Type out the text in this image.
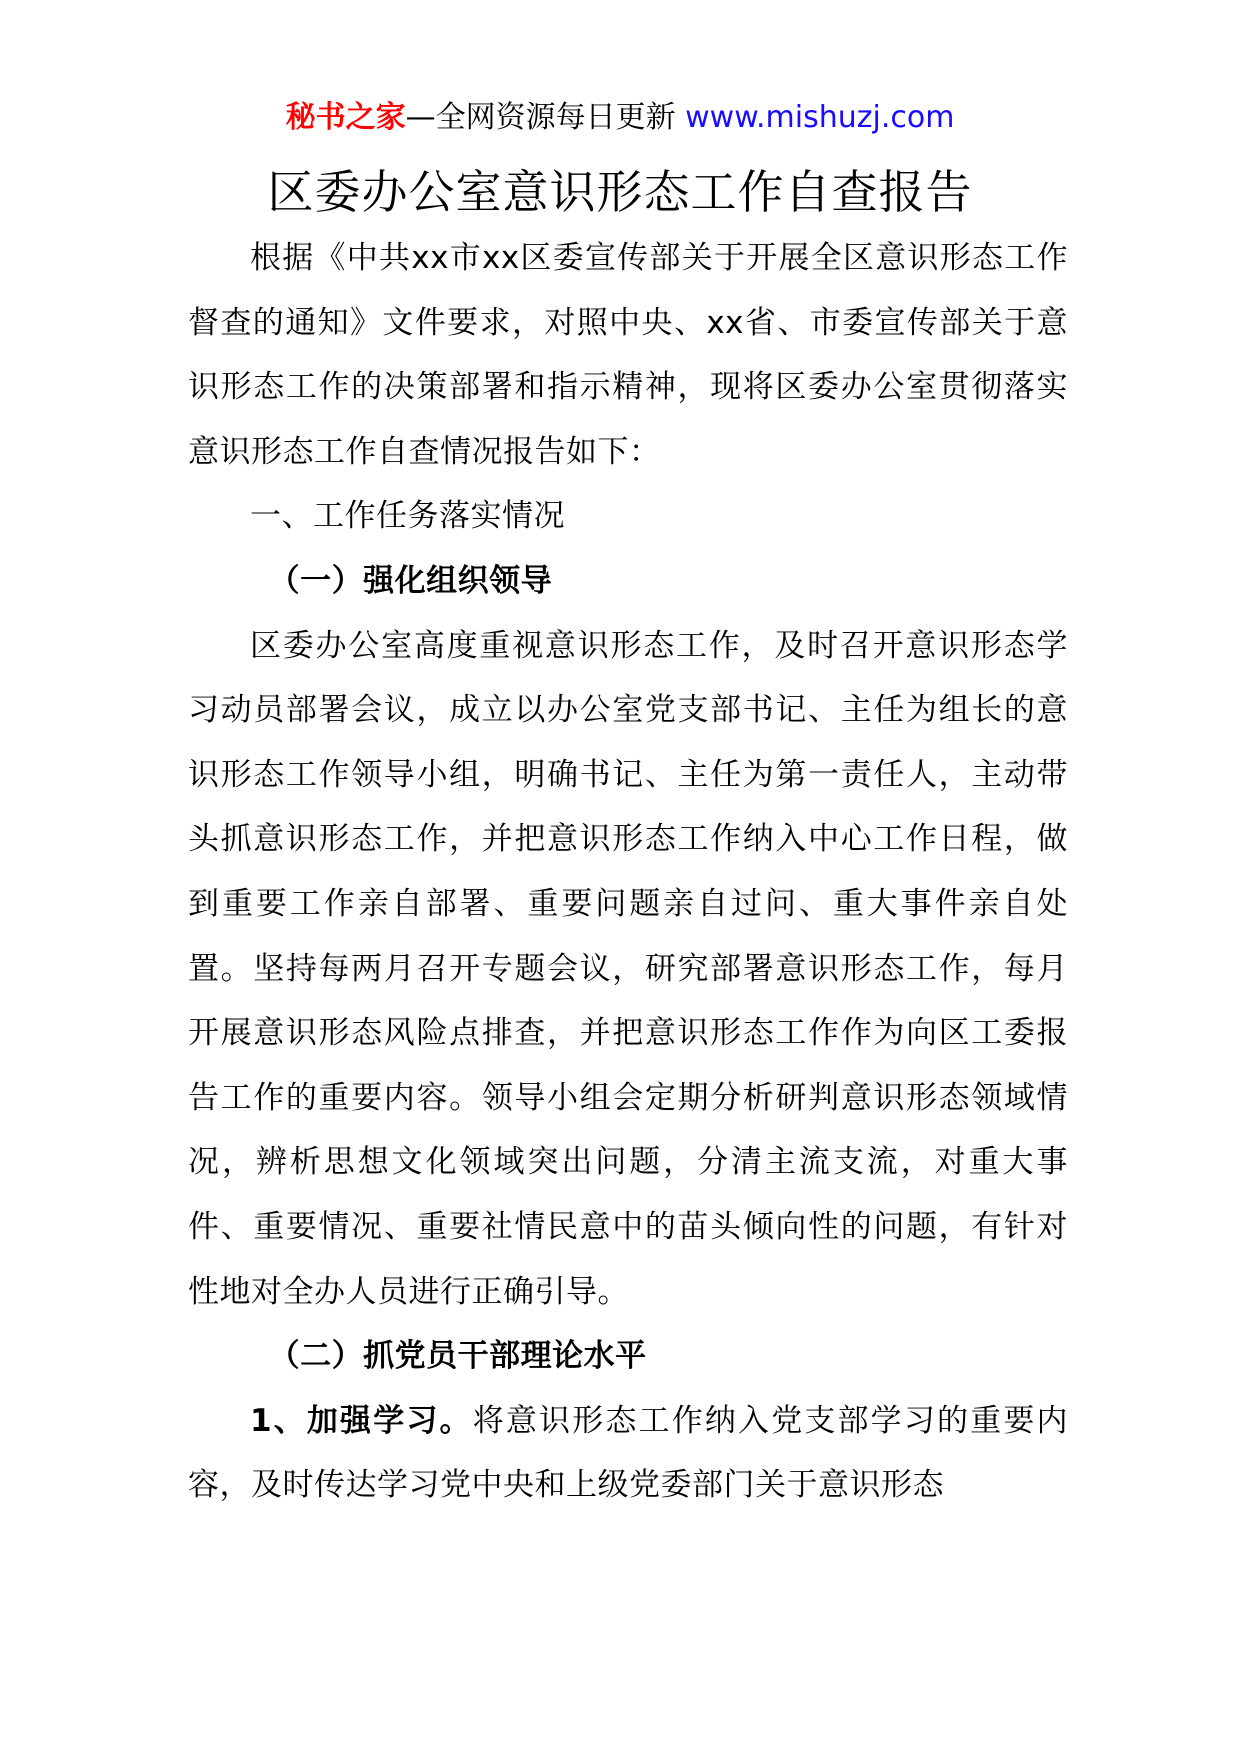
秘书之家—全网资源每日更新 www.mishuzj.com
区委办公室意识形态工作自查报告

根据《中共xx市xx区委宣传部关于开展全区意识形态工作督查的通知》文件要求，对照中央、xx省、市委宣传部关于意识形态工作的决策部署和指示精神，现将区委办公室贯彻落实意识形态工作自查情况报告如下：

一、工作任务落实情况

（一）强化组织领导

区委办公室高度重视意识形态工作，及时召开意识形态学习动员部署会议，成立以办公室党支部书记、主任为组长的意识形态工作领导小组，明确书记、主任为第一责任人，主动带头抓意识形态工作，并把意识形态工作纳入中心工作日程，做到重要工作亲自部署、重要问题亲自过问、重大事件亲自处置。坚持每两月召开专题会议，研究部署意识形态工作，每月开展意识形态风险点排查，并把意识形态工作作为向区工委报告工作的重要内容。领导小组会定期分析研判意识形态领域情况，辨析思想文化领域突出问题，分清主流支流，对重大事件、重要情况、重要社情民意中的苗头倾向性的问题，有针对性地对全办人员进行正确引导。

（二）抓党员干部理论水平

1、加强学习。将意识形态工作纳入党支部学习的重要内容，及时传达学习党中央和上级党委部门关于意识形态
